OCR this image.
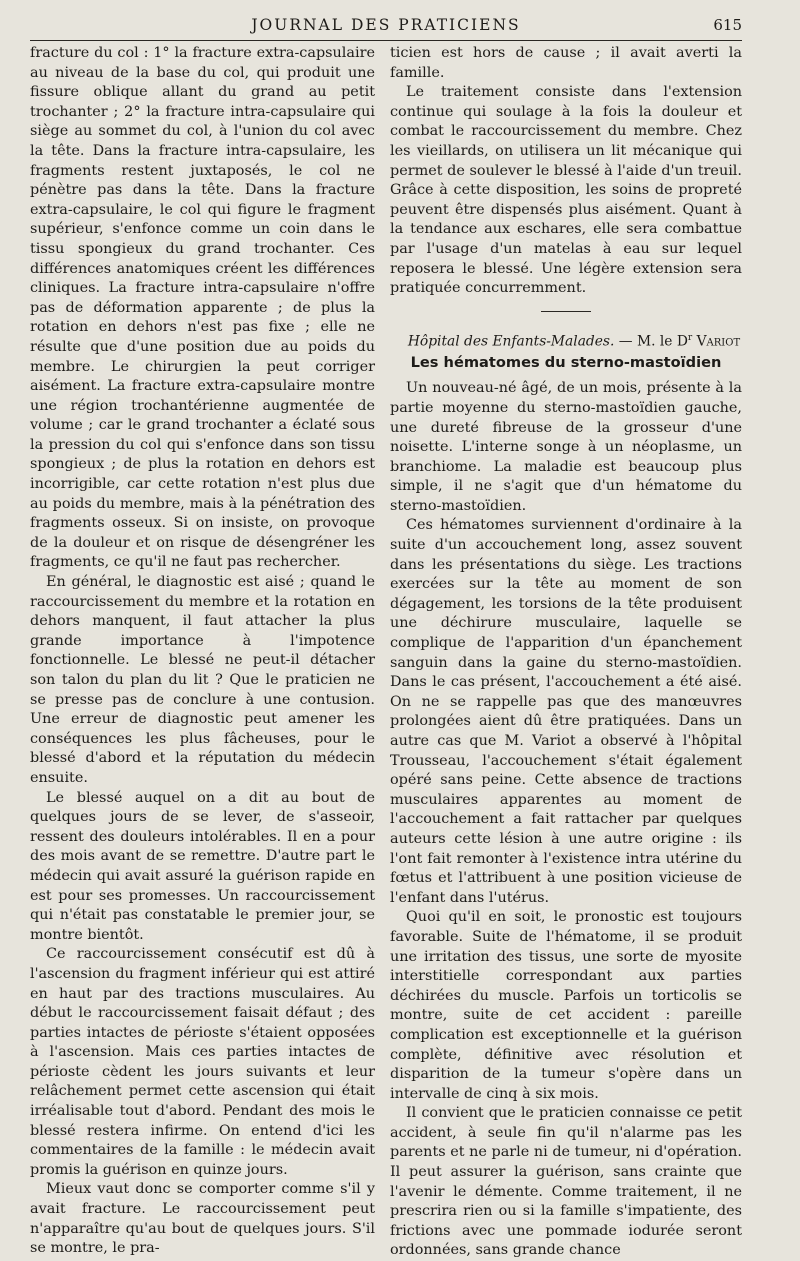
JOURNAL DES PRATICIENS	615

fracture du col : 1° la fracture extra-capsulaire au niveau de la base du col, qui produit une fissure oblique allant du grand au petit trochanter ; 2° la fracture intra-capsulaire qui siège au sommet du col, à l'union du col avec la tête. Dans la fracture intra-capsulaire, les fragments restent juxtaposés, le col ne pénètre pas dans la tête. Dans la fracture extra-capsulaire, le col qui figure le fragment supérieur, s'enfonce comme un coin dans le tissu spongieux du grand trochanter. Ces différences anatomiques créent les différences cliniques. La fracture intra-capsulaire n'offre pas de déformation apparente ; de plus la rotation en dehors n'est pas fixe ; elle ne résulte que d'une position due au poids du membre. Le chirurgien la peut corriger aisément. La fracture extra-capsulaire montre une région trochantérienne augmentée de volume ; car le grand trochanter a éclaté sous la pression du col qui s'enfonce dans son tissu spongieux ; de plus la rotation en dehors est incorrigible, car cette rotation n'est plus due au poids du membre, mais à la pénétration des fragments osseux. Si on insiste, on provoque de la douleur et on risque de désengréner les fragments, ce qu'il ne faut pas rechercher.

En général, le diagnostic est aisé ; quand le raccourcissement du membre et la rotation en dehors manquent, il faut attacher la plus grande importance à l'impotence fonctionnelle. Le blessé ne peut-il détacher son talon du plan du lit ? Que le praticien ne se presse pas de conclure à une contusion. Une erreur de diagnostic peut amener les conséquences les plus fâcheuses, pour le blessé d'abord et la réputation du médecin ensuite.

Le blessé auquel on a dit au bout de quelques jours de se lever, de s'asseoir, ressent des douleurs intolérables. Il en a pour des mois avant de se remettre. D'autre part le médecin qui avait assuré la guérison rapide en est pour ses promesses. Un raccourcissement qui n'était pas constatable le premier jour, se montre bientôt.

Ce raccourcissement consécutif est dû à l'ascension du fragment inférieur qui est attiré en haut par des tractions musculaires. Au début le raccourcissement faisait défaut ; des parties intactes de périoste s'étaient opposées à l'ascension. Mais ces parties intactes de périoste cèdent les jours suivants et leur relâchement permet cette ascension qui était irréalisable tout d'abord. Pendant des mois le blessé restera infirme. On entend d'ici les commentaires de la famille : le médecin avait promis la guérison en quinze jours.

Mieux vaut donc se comporter comme s'il y avait fracture. Le raccourcissement peut n'apparaître qu'au bout de quelques jours. S'il se montre, le pra-

ticien est hors de cause ; il avait averti la famille.

Le traitement consiste dans l'extension continue qui soulage à la fois la douleur et combat le raccourcissement du membre. Chez les vieillards, on utilisera un lit mécanique qui permet de soulever le blessé à l'aide d'un treuil. Grâce à cette disposition, les soins de propreté peuvent être dispensés plus aisément. Quant à la tendance aux eschares, elle sera combattue par l'usage d'un matelas à eau sur lequel reposera le blessé. Une légère extension sera pratiquée concurremment.

Hôpital des Enfants-Malades. — M. le $D^r$ Variot

Les hématomes du sterno-mastoïdien

Un nouveau-né âgé, de un mois, présente à la partie moyenne du sterno-mastoïdien gauche, une dureté fibreuse de la grosseur d'une noisette. L'interne songe à un néoplasme, un branchiome. La maladie est beaucoup plus simple, il ne s'agit que d'un hématome du sterno-mastoïdien.

Ces hématomes surviennent d'ordinaire à la suite d'un accouchement long, assez souvent dans les présentations du siège. Les tractions exercées sur la tête au moment de son dégagement, les torsions de la tête produisent une déchirure musculaire, laquelle se complique de l'apparition d'un épanchement sanguin dans la gaine du sterno-mastoïdien. Dans le cas présent, l'accouchement a été aisé. On ne se rappelle pas que des manœuvres prolongées aient dû être pratiquées. Dans un autre cas que M. Variot a observé à l'hôpital Trousseau, l'accouchement s'était également opéré sans peine. Cette absence de tractions musculaires apparentes au moment de l'accouchement a fait rattacher par quelques auteurs cette lésion à une autre origine : ils l'ont fait remonter à l'existence intra utérine du fœtus et l'attribuent à une position vicieuse de l'enfant dans l'utérus.

Quoi qu'il en soit, le pronostic est toujours favorable. Suite de l'hématome, il se produit une irritation des tissus, une sorte de myosite interstitielle correspondant aux parties déchirées du muscle. Parfois un torticolis se montre, suite de cet accident : pareille complication est exceptionnelle et la guérison complète, définitive avec résolution et disparition de la tumeur s'opère dans un intervalle de cinq à six mois.

Il convient que le praticien connaisse ce petit accident, à seule fin qu'il n'alarme pas les parents et ne parle ni de tumeur, ni d'opération. Il peut assurer la guérison, sans crainte que l'avenir le démente. Comme traitement, il ne prescrira rien ou si la famille s'impatiente, des frictions avec une pommade iodurée seront ordonnées, sans grande chance
